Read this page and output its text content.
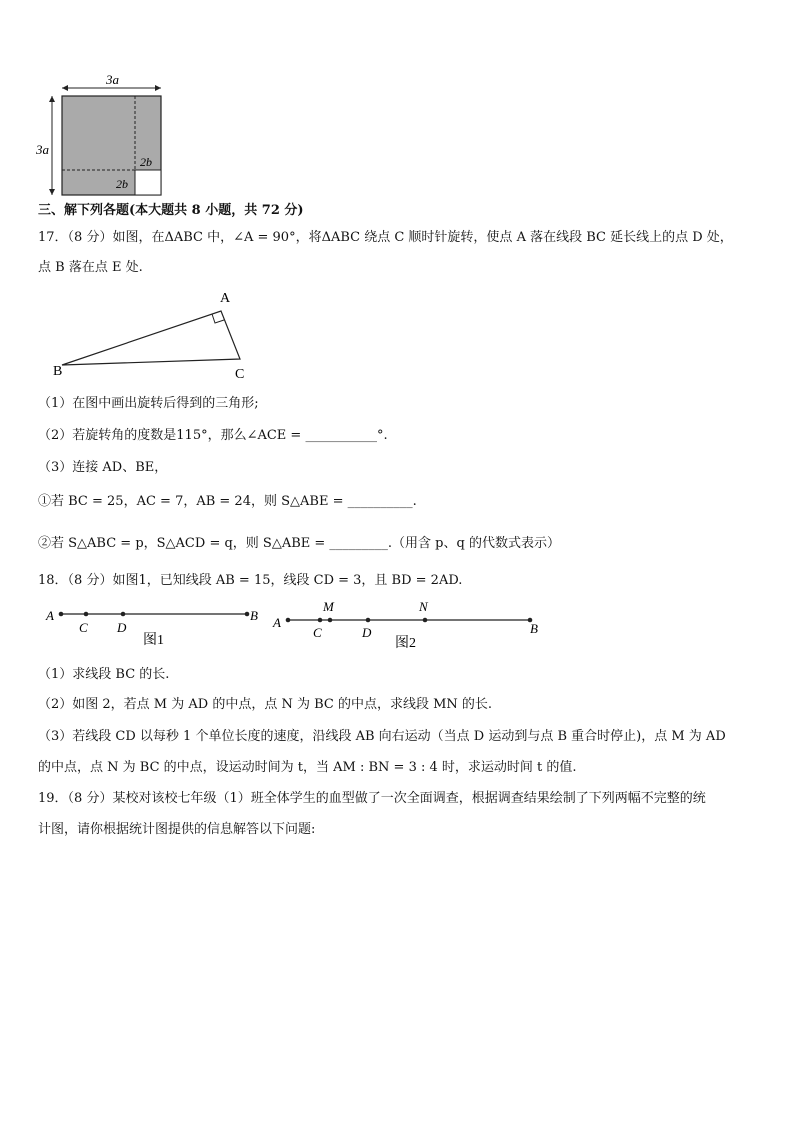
3a
3a
2b
2b
三、解下列各题(本大题共 8 小题，共 72 分)
17．（8 分）如图，在ΔABC 中，∠A = 90°，将ΔABC 绕点 C 顺时针旋转，使点 A 落在线段 BC 延长线上的点 D 处，
点 B 落在点 E 处.
A
B	C
（1）在图中画出旋转后得到的三角形;
（2）若旋转角的度数是115°，那么∠ACE = ___________°.
（3）连接 AD、BE，
①若 BC = 25，AC = 7，AB = 24，则 S△ABE = __________.
②若 S△ABC = p，S△ACD = q，则 S△ABE = _________.（用含 p、q 的代数式表示）
18．（8 分）如图1，已知线段 AB = 15，线段 CD = 3，且 BD = 2AD.
A
C D
B
图1
A
M
C	D
N
B
图2
（1）求线段 BC 的长.
（2）如图 2，若点 M 为 AD 的中点，点 N 为 BC 的中点，求线段 MN 的长.
（3）若线段 CD 以每秒 1 个单位长度的速度，沿线段 AB 向右运动（当点 D 运动到与点 B 重合时停止)，点 M 为 AD
的中点，点 N 为 BC 的中点，设运动时间为 t，当 AM : BN = 3 : 4 时，求运动时间 t 的值.
19．（8 分）某校对该校七年级（1）班全体学生的血型做了一次全面调查，根据调查结果绘制了下列两幅不完整的统
计图，请你根据统计图提供的信息解答以下问题:
